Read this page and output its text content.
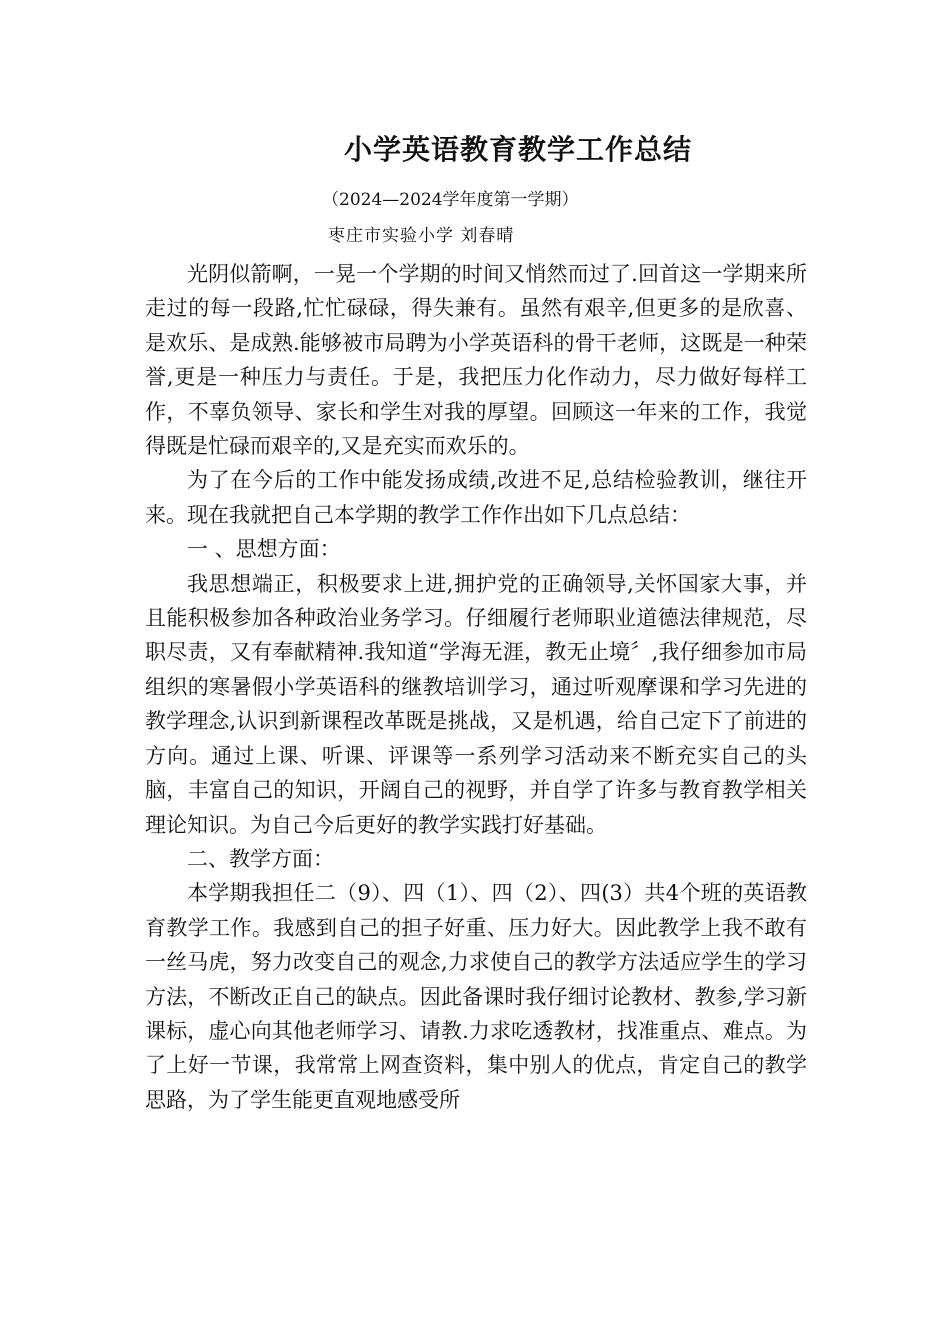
小学英语教育教学工作总结
（2024—2024学年度第一学期）
枣庄市实验小学 刘春晴

光阴似箭啊，一晃一个学期的时间又悄然而过了.回首这一学期来所走过的每一段路,忙忙碌碌，得失兼有。虽然有艰辛,但更多的是欣喜、是欢乐、是成熟.能够被市局聘为小学英语科的骨干老师，这既是一种荣誉,更是一种压力与责任。于是，我把压力化作动力，尽力做好每样工作，不辜负领导、家长和学生对我的厚望。回顾这一年来的工作，我觉得既是忙碌而艰辛的,又是充实而欢乐的。

为了在今后的工作中能发扬成绩,改进不足,总结检验教训，继往开来。现在我就把自己本学期的教学工作作出如下几点总结：

一 、思想方面：

我思想端正，积极要求上进,拥护党的正确领导,关怀国家大事，并且能积极参加各种政治业务学习。仔细履行老师职业道德法律规范，尽职尽责，又有奉献精神.我知道“学海无涯，教无止境〞,我仔细参加市局组织的寒暑假小学英语科的继教培训学习，通过听观摩课和学习先进的教学理念,认识到新课程改革既是挑战，又是机遇，给自己定下了前进的方向。通过上课、听课、评课等一系列学习活动来不断充实自己的头脑，丰富自己的知识，开阔自己的视野，并自学了许多与教育教学相关理论知识。为自己今后更好的教学实践打好基础。

二、教学方面：

本学期我担任二（9）、四（1）、四（2）、四(3）共4个班的英语教育教学工作。我感到自己的担子好重、压力好大。因此教学上我不敢有一丝马虎，努力改变自己的观念,力求使自己的教学方法适应学生的学习方法，不断改正自己的缺点。因此备课时我仔细讨论教材、教参,学习新课标，虚心向其他老师学习、请教.力求吃透教材，找准重点、难点。为了上好一节课，我常常上网查资料，集中别人的优点，肯定自己的教学思路，为了学生能更直观地感受所
